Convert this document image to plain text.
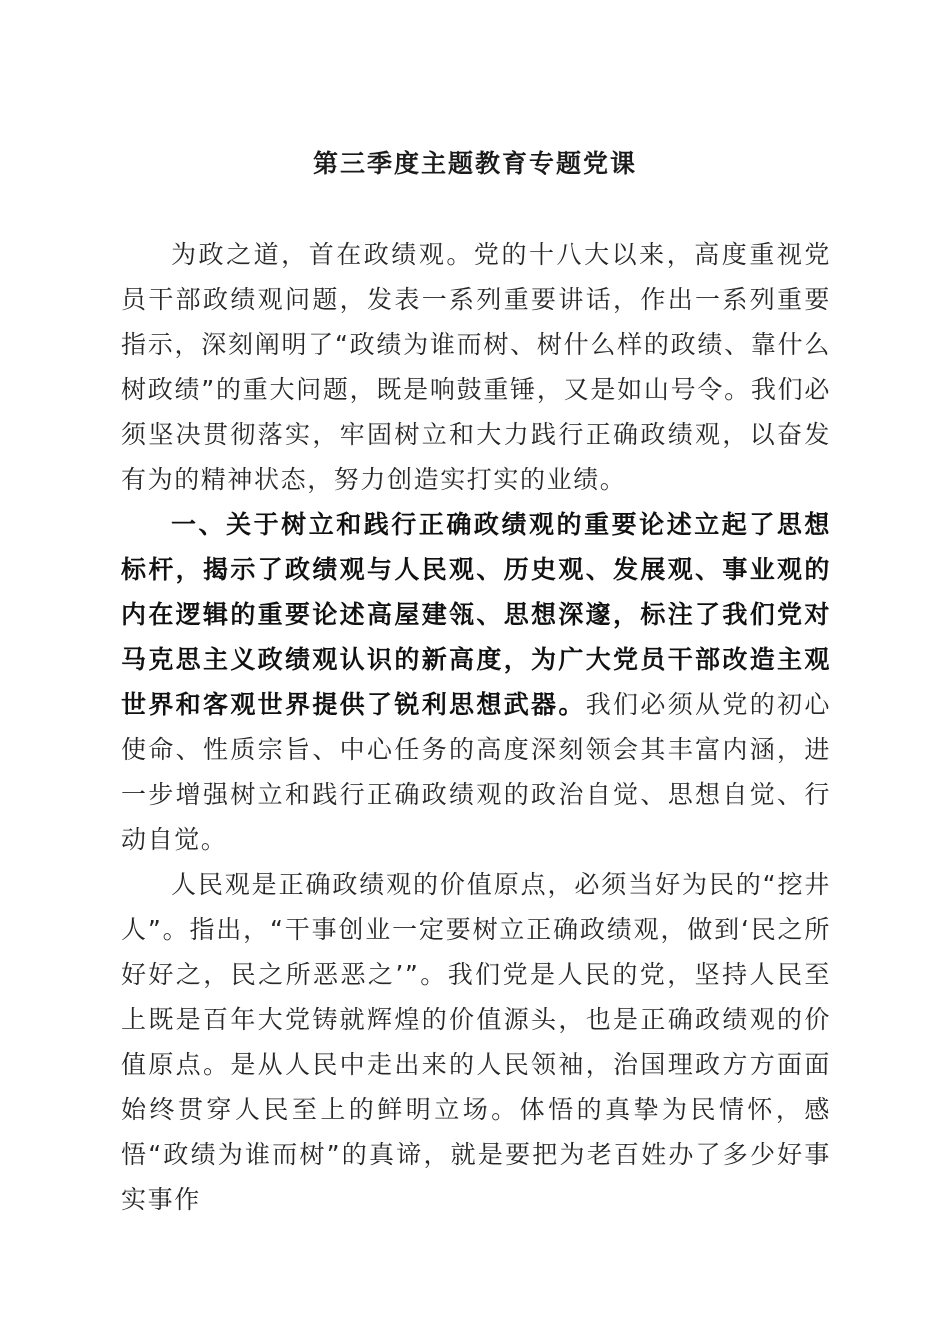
第三季度主题教育专题党课

为政之道，首在政绩观。党的十八大以来，高度重视党员干部政绩观问题，发表一系列重要讲话，作出一系列重要指示，深刻阐明了“政绩为谁而树、树什么样的政绩、靠什么树政绩”的重大问题，既是响鼓重锤，又是如山号令。我们必须坚决贯彻落实，牢固树立和大力践行正确政绩观，以奋发有为的精神状态，努力创造实打实的业绩。

一、关于树立和践行正确政绩观的重要论述立起了思想标杆，揭示了政绩观与人民观、历史观、发展观、事业观的内在逻辑的重要论述高屋建瓴、思想深邃，标注了我们党对马克思主义政绩观认识的新高度，为广大党员干部改造主观世界和客观世界提供了锐利思想武器。我们必须从党的初心使命、性质宗旨、中心任务的高度深刻领会其丰富内涵，进一步增强树立和践行正确政绩观的政治自觉、思想自觉、行动自觉。

人民观是正确政绩观的价值原点，必须当好为民的“挖井人”。指出，“干事创业一定要树立正确政绩观，做到‘民之所好好之，民之所恶恶之’”。我们党是人民的党，坚持人民至上既是百年大党铸就辉煌的价值源头，也是正确政绩观的价值原点。是从人民中走出来的人民领袖，治国理政方方面面始终贯穿人民至上的鲜明立场。体悟的真挚为民情怀，感悟“政绩为谁而树”的真谛，就是要把为老百姓办了多少好事实事作
